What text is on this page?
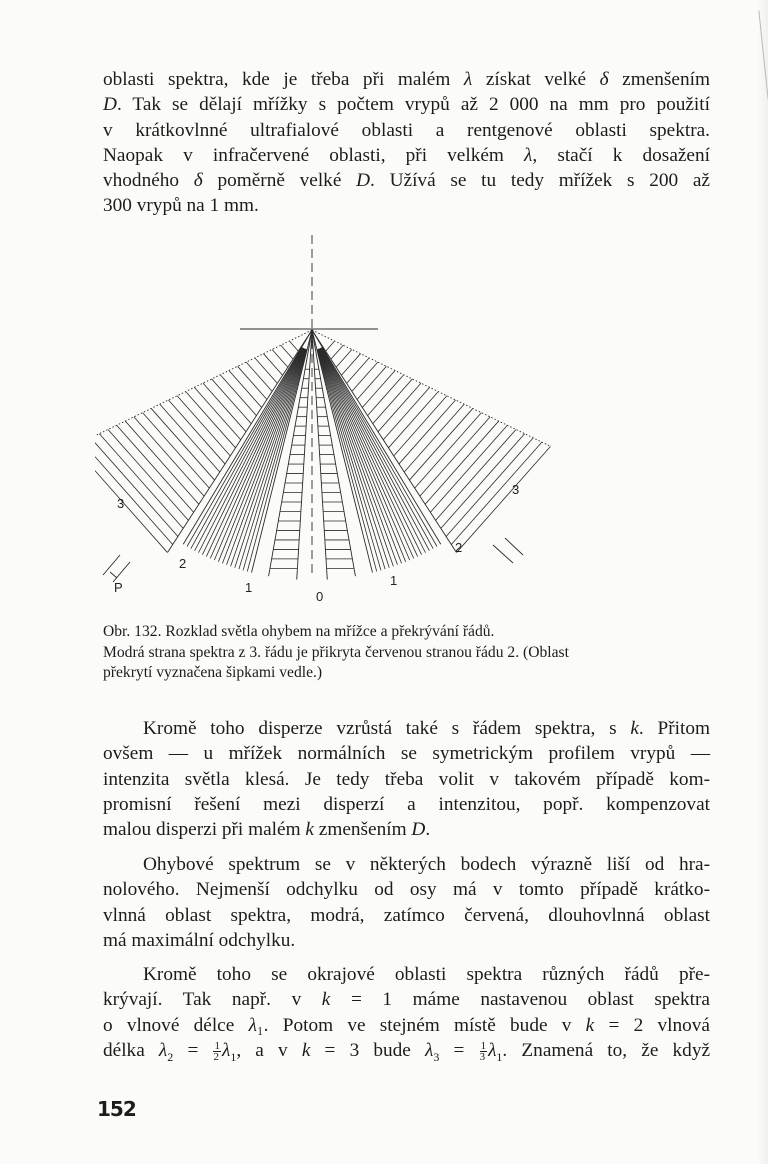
oblasti spektra, kde je třeba při malém λ získat velké δ zmenšením
D. Tak se dělají mřížky s počtem vrypů až 2 000 na mm pro použití
v krátkovlnné ultrafialové oblasti a rentgenové oblasti spektra.
Naopak v infračervené oblasti, při velkém λ, stačí k dosažení
vhodného δ poměrně velké D. Užívá se tu tedy mřížek s 200 až
300 vrypů na 1 mm.
3
3
2
2
1	1
0
P
Obr. 132. Rozklad světla ohybem na mřížce a překrývání řádů.
Modrá strana spektra z 3. řádu je přikryta červenou stranou řádu 2. (Oblast
překrytí vyznačena šipkami vedle.)
Kromě toho disperze vzrůstá také s řádem spektra, s k. Přitom
ovšem — u mřížek normálních se symetrickým profilem vrypů —
intenzita světla klesá. Je tedy třeba volit v takovém případě kom-
promisní řešení mezi disperzí a intenzitou, popř. kompenzovat
malou disperzi při malém k zmenšením D.
Ohybové spektrum se v některých bodech výrazně liší od hra-
nolového. Nejmenší odchylku od osy má v tomto případě krátko-
vlnná oblast spektra, modrá, zatímco červená, dlouhovlnná oblast
má maximální odchylku.
Kromě toho se okrajové oblasti spektra různých řádů pře-
krývají. Tak např. v k = 1 máme nastavenou oblast spektra
o vlnové délce λ₁. Potom ve stejném místě bude v k = 2 vlnová
délka $\lambda_2 = \frac{1}{2} \lambda_1$, a v k = 3 bude $\lambda_3 = \frac{1}{3} \lambda_1$. Znamená to, že když
152
